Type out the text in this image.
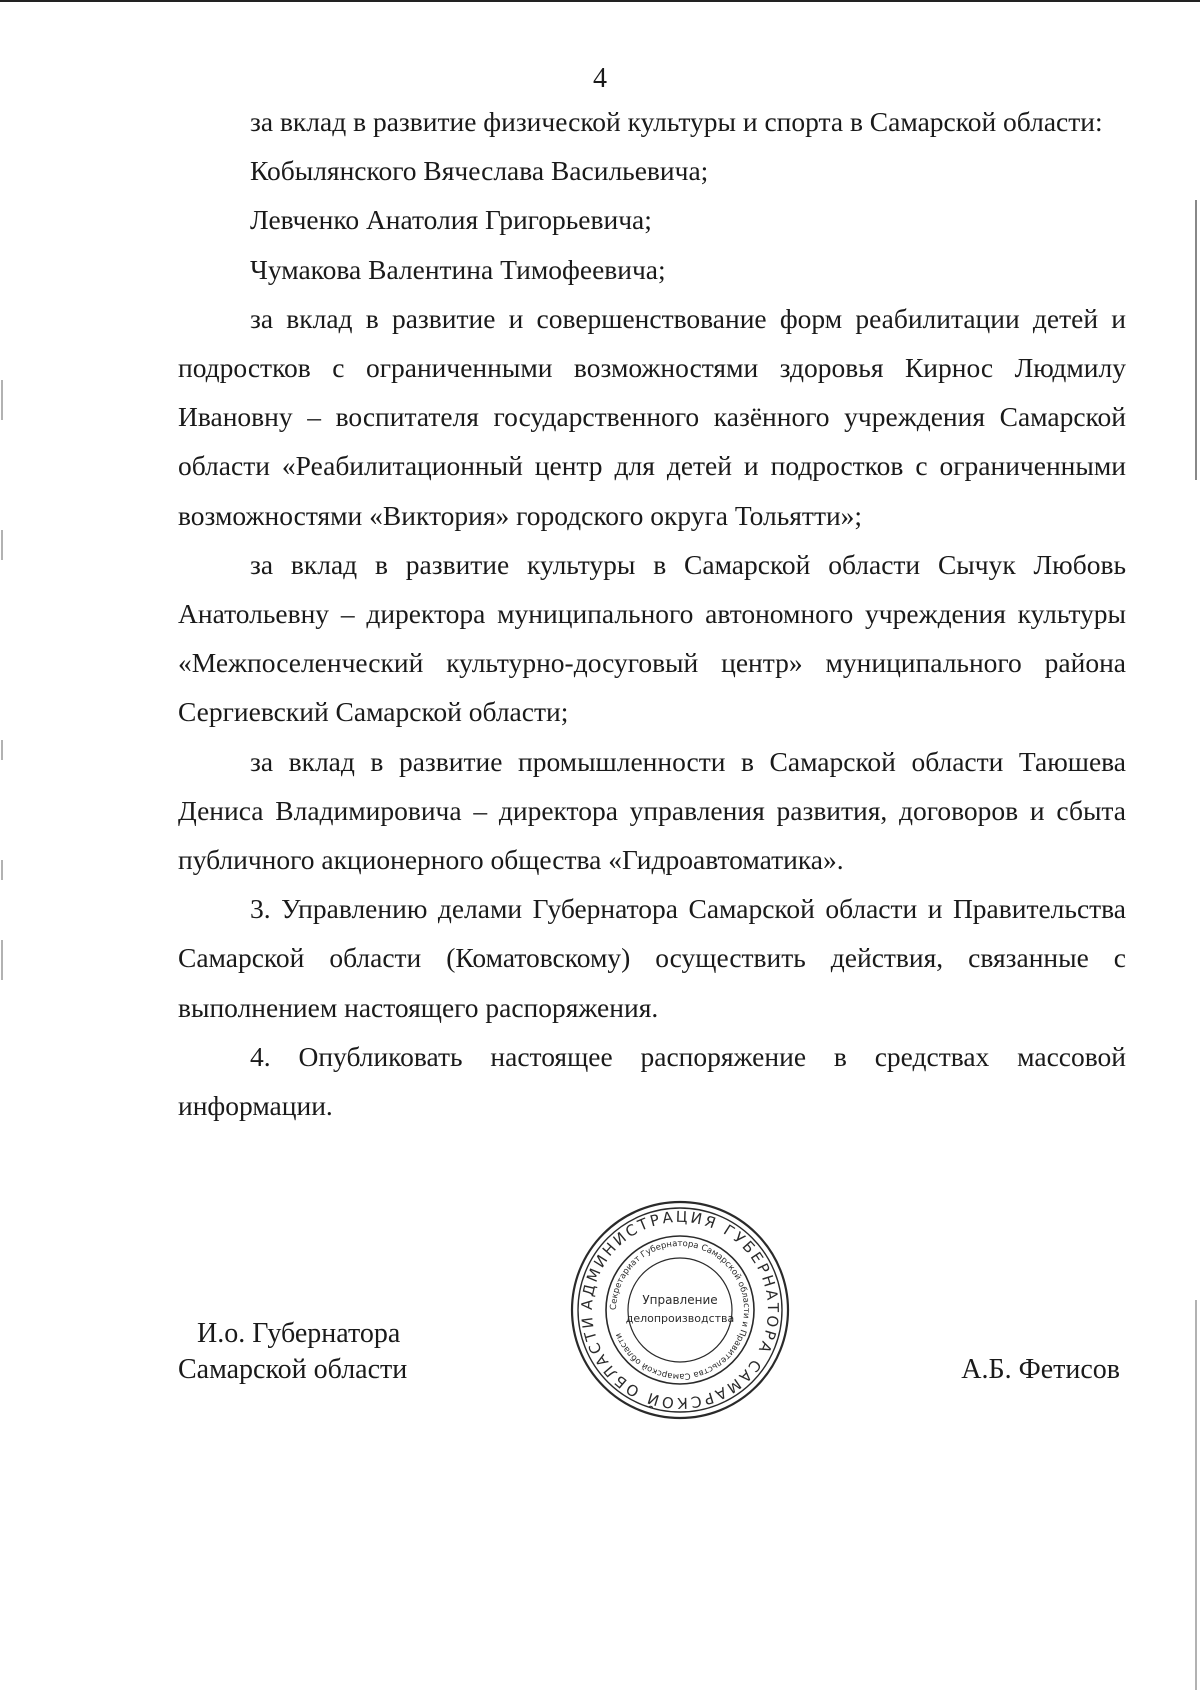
4

за вклад в развитие физической культуры и спорта в Самарской области:

Кобылянского Вячеслава Васильевича;

Левченко Анатолия Григорьевича;

Чумакова Валентина Тимофеевича;

за вклад в развитие и совершенствование форм реабилитации детей и подростков с ограниченными возможностями здоровья Кирнос Людмилу Ивановну – воспитателя государственного казённого учреждения Самарской области «Реабилитационный центр для детей и подростков с ограниченными возможностями «Виктория» городского округа Тольятти»;

за вклад в развитие культуры в Самарской области Сычук Любовь Анатольевну – директора муниципального автономного учреждения культуры «Межпоселенческий культурно-досуговый центр» муниципального района Сергиевский Самарской области;

за вклад в развитие промышленности в Самарской области Таюшева Дениса Владимировича – директора управления развития, договоров и сбыта публичного акционерного общества «Гидроавтоматика».

3. Управлению делами Губернатора Самарской области и Правительства Самарской области (Коматовскому) осуществить действия, связанные с выполнением настоящего распоряжения.

4. Опубликовать настоящее распоряжение в средствах массовой информации.

АДМИНИСТРАЦИЯ ГУБЕРНАТОРА САМАРСКОЙ ОБЛАСТИ
Секретариат Губернатора Самарской области и Правительства Самарской области
Управление
делопроизводства
И.о. Губернатора
Самарской области	А.Б. Фетисов
